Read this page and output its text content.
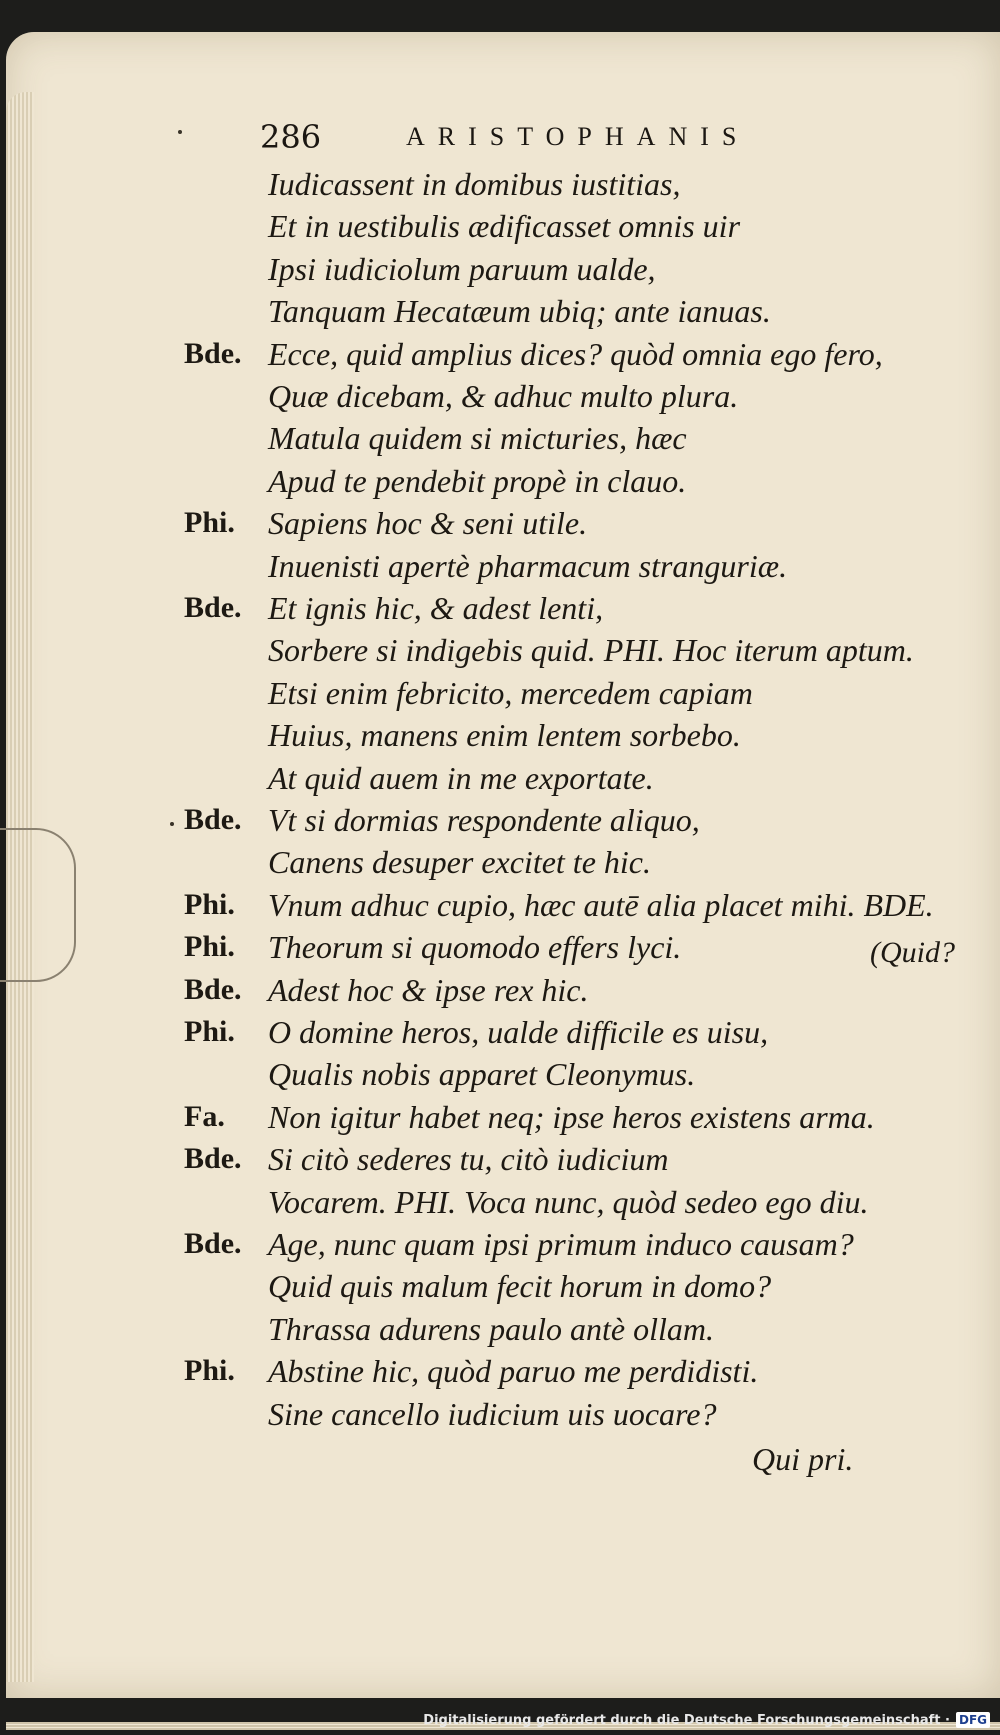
286	ARISTOPHANIS
Iudicassent in domibus iustitias,
Et in uestibulis ædificasset omnis uir
Ipsi iudiciolum paruum ualde,
Tanquam Hecatæum ubiq; ante ianuas.
Bde. Ecce, quid amplius dices? quòd omnia ego fero,
Quæ dicebam, & adhuc multo plura.
Matula quidem si micturies, hæc
Apud te pendebit propè in clauo.
Phi. Sapiens hoc & seni utile.
Inuenisti apertè pharmacum stranguriæ.
Bde. Et ignis hic, & adest lenti,
Sorbere si indigebis quid. PHI. Hoc iterum aptum.
Etsi enim febricito, mercedem capiam
Huius, manens enim lentem sorbebo.
At quid auem in me exportate.
Bde. Vt si dormias respondente aliquo,
Canens desuper excitet te hic.
Phi. Vnum adhuc cupio, hæc autē alia placet mihi. BDE.
Phi. Theorum si quomodo effers lyci.
Bde. Adest hoc & ipse rex hic.
Phi. O domine heros, ualde difficile es uisu,
Qualis nobis apparet Cleonymus.
Fa. Non igitur habet neq; ipse heros existens arma.
Bde. Si citò sederes tu, citò iudicium
Vocarem. PHI. Voca nunc, quòd sedeo ego diu.
Bde. Age, nunc quam ipsi primum induco causam?
Quid quis malum fecit horum in domo?
Thrassa adurens paulo antè ollam.
Phi. Abstine hic, quòd paruo me perdidisti.
Sine cancello iudicium uis uocare?
(Quid?
Qui pri.
Digitalisierung gefördert durch die Deutsche Forschungsgemeinschaft · DFG
